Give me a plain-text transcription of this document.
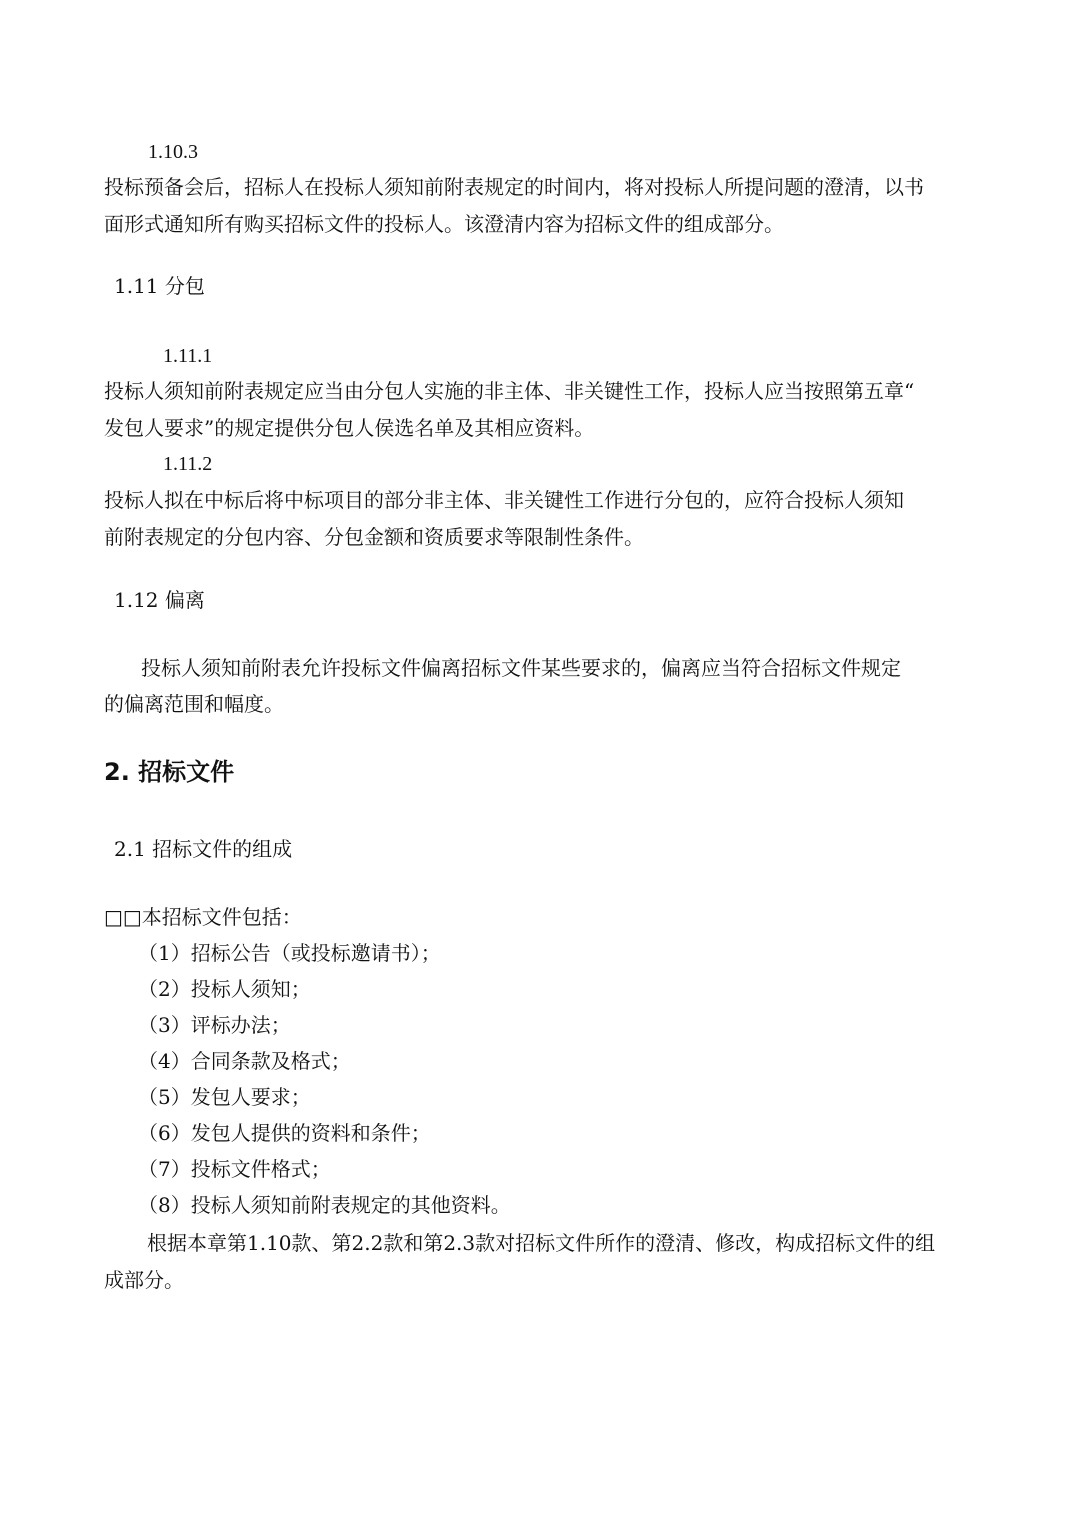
1.10.3
投标预备会后，招标人在投标人须知前附表规定的时间内，将对投标人所提问题的澄清，以书
面形式通知所有购买招标文件的投标人。该澄清内容为招标文件的组成部分。
1.11 分包
1.11.1
投标人须知前附表规定应当由分包人实施的非主体、非关键性工作，投标人应当按照第五章“
发包人要求”的规定提供分包人侯选名单及其相应资料。
1.11.2
投标人拟在中标后将中标项目的部分非主体、非关键性工作进行分包的，应符合投标人须知
前附表规定的分包内容、分包金额和资质要求等限制性条件。
1.12 偏离
投标人须知前附表允许投标文件偏离招标文件某些要求的，偏离应当符合招标文件规定
的偏离范围和幅度。
2. 招标文件
2.1 招标文件的组成
□□本招标文件包括：
（1）招标公告（或投标邀请书）；
（2）投标人须知；
（3）评标办法；
（4）合同条款及格式；
（5）发包人要求；
（6）发包人提供的资料和条件；
（7）投标文件格式；
（8）投标人须知前附表规定的其他资料。
根据本章第1.10款、第2.2款和第2.3款对招标文件所作的澄清、修改，构成招标文件的组
成部分。
